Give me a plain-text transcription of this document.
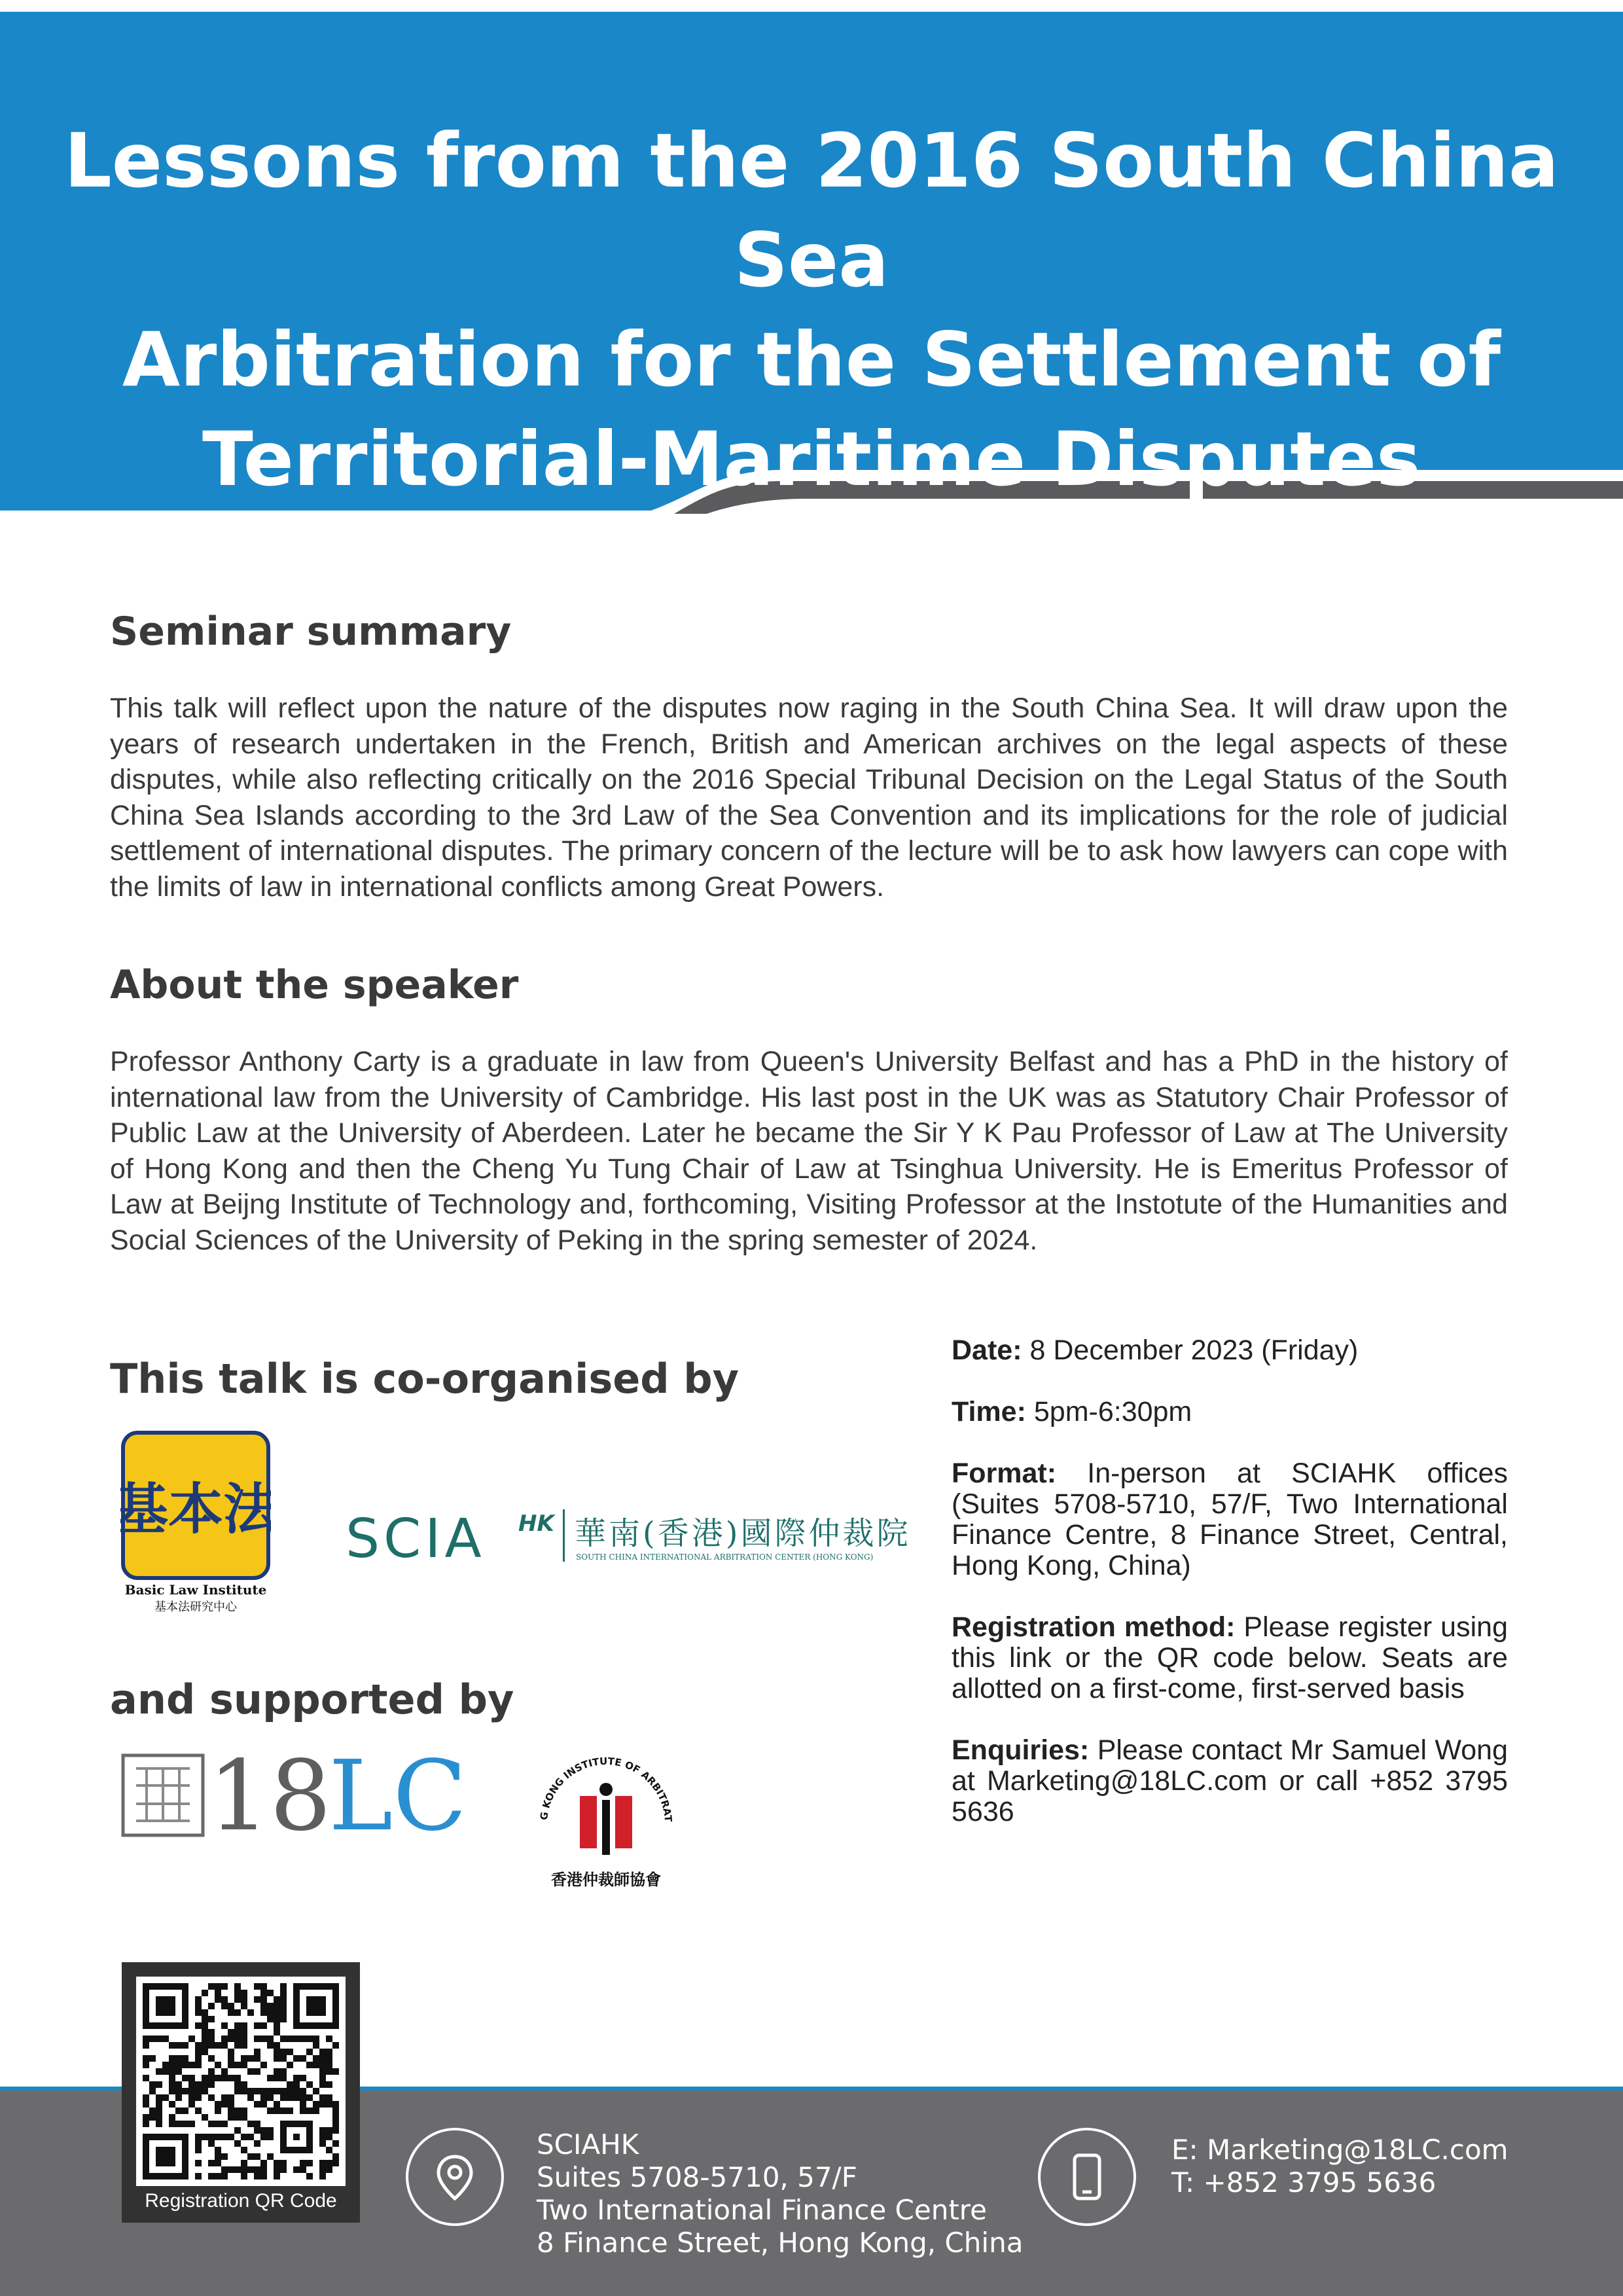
Lessons from the 2016 South China Sea
Arbitration for the Settlement of
Territorial-Maritime Disputes
Seminar summary

This talk will reflect upon the nature of the disputes now raging in the South China Sea. It will draw upon the years of research undertaken in the French, British and American archives on the legal aspects of these disputes, while also reflecting critically on the 2016 Special Tribunal Decision on the Legal Status of the South China Sea Islands according to the 3rd Law of the Sea Convention and its implications for the role of judicial settlement of international disputes. The primary concern of the lecture will be to ask how lawyers can cope with the limits of law in international conflicts among Great Powers.

About the speaker

Professor Anthony Carty is a graduate in law from Queen's University Belfast and has a PhD in the history of international law from the University of Cambridge. His last post in the UK was as Statutory Chair Professor of Public Law at the University of Aberdeen. Later he became the Sir Y K Pau Professor of Law at The University of Hong Kong and then the Cheng Yu Tung Chair of Law at Tsinghua University. He is Emeritus Professor of Law at Beijng Institute of Technology and, forthcoming, Visiting Professor at the Instotute of the Humanities and Social Sciences of the University of Peking in the spring semester of 2024.

This talk is co-organised by
基本法
Basic Law Institute
基本法研究中心
SCIA HK 華南(香港)國際仲裁院
SOUTH CHINA INTERNATIONAL ARBITRATION CENTER (HONG KONG)
and supported by
18
LC	G KONG INSTITUTE OF ARBITRAT
香港仲裁師協會

Date: 8 December 2023 (Friday)

Time: 5pm-6:30pm

Format: In-person at SCIAHK offices (Suites 5708-5710, 57/F, Two International Finance Centre, 8 Finance Street, Central, Hong Kong, China)

Registration method: Please register using this link or the QR code below. Seats are allotted on a first-come, first-served basis

Enquiries: Please contact Mr Samuel Wong at Marketing@18LC.com or call +852 3795 5636

Registration QR Code
SCIAHK
Suites 5708-5710, 57/F
Two International Finance Centre
8 Finance Street, Hong Kong, China
E: Marketing@18LC.com
T: +852 3795 5636
